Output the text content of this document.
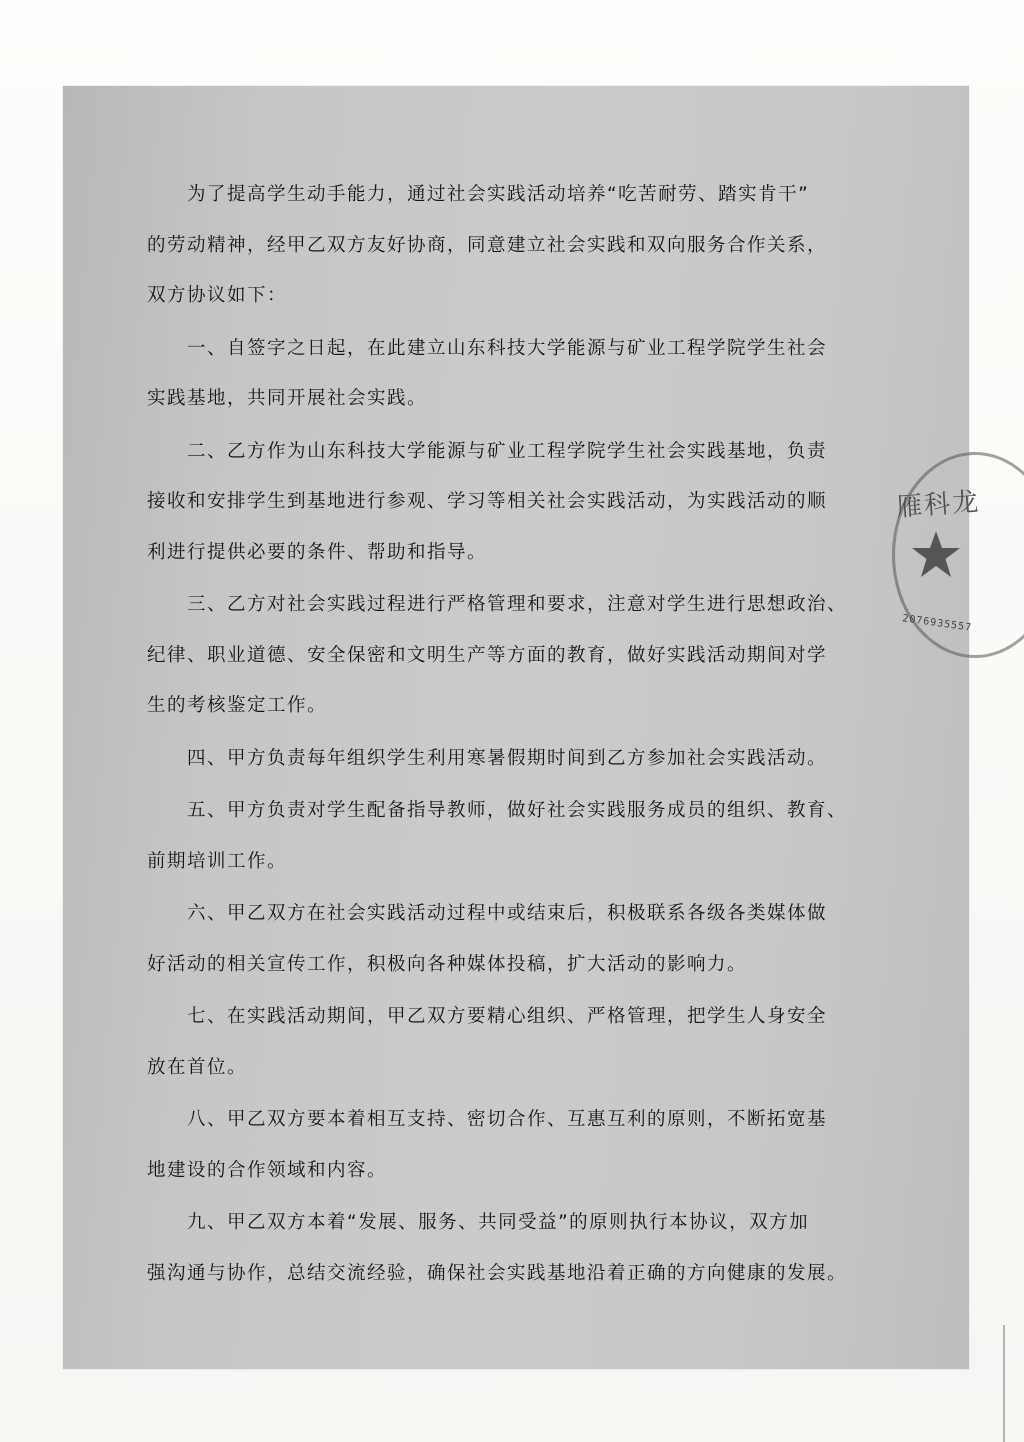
为了提高学生动手能力，通过社会实践活动培养“吃苦耐劳、踏实肯干”
的劳动精神，经甲乙双方友好协商，同意建立社会实践和双向服务合作关系，
双方协议如下：
一、自签字之日起，在此建立山东科技大学能源与矿业工程学院学生社会
实践基地，共同开展社会实践。
二、乙方作为山东科技大学能源与矿业工程学院学生社会实践基地，负责
接收和安排学生到基地进行参观、学习等相关社会实践活动，为实践活动的顺
利进行提供必要的条件、帮助和指导。
三、乙方对社会实践过程进行严格管理和要求，注意对学生进行思想政治、
纪律、职业道德、安全保密和文明生产等方面的教育，做好实践活动期间对学
生的考核鉴定工作。
四、甲方负责每年组织学生利用寒暑假期时间到乙方参加社会实践活动。
五、甲方负责对学生配备指导教师，做好社会实践服务成员的组织、教育、
前期培训工作。
六、甲乙双方在社会实践活动过程中或结束后，积极联系各级各类媒体做
好活动的相关宣传工作，积极向各种媒体投稿，扩大活动的影响力。
七、在实践活动期间，甲乙双方要精心组织、严格管理，把学生人身安全
放在首位。
八、甲乙双方要本着相互支持、密切合作、互惠互利的原则，不断拓宽基
地建设的合作领域和内容。
九、甲乙双方本着“发展、服务、共同受益”的原则执行本协议，双方加
强沟通与协作，总结交流经验，确保社会实践基地沿着正确的方向健康的发展。
雁科龙
2076935557
